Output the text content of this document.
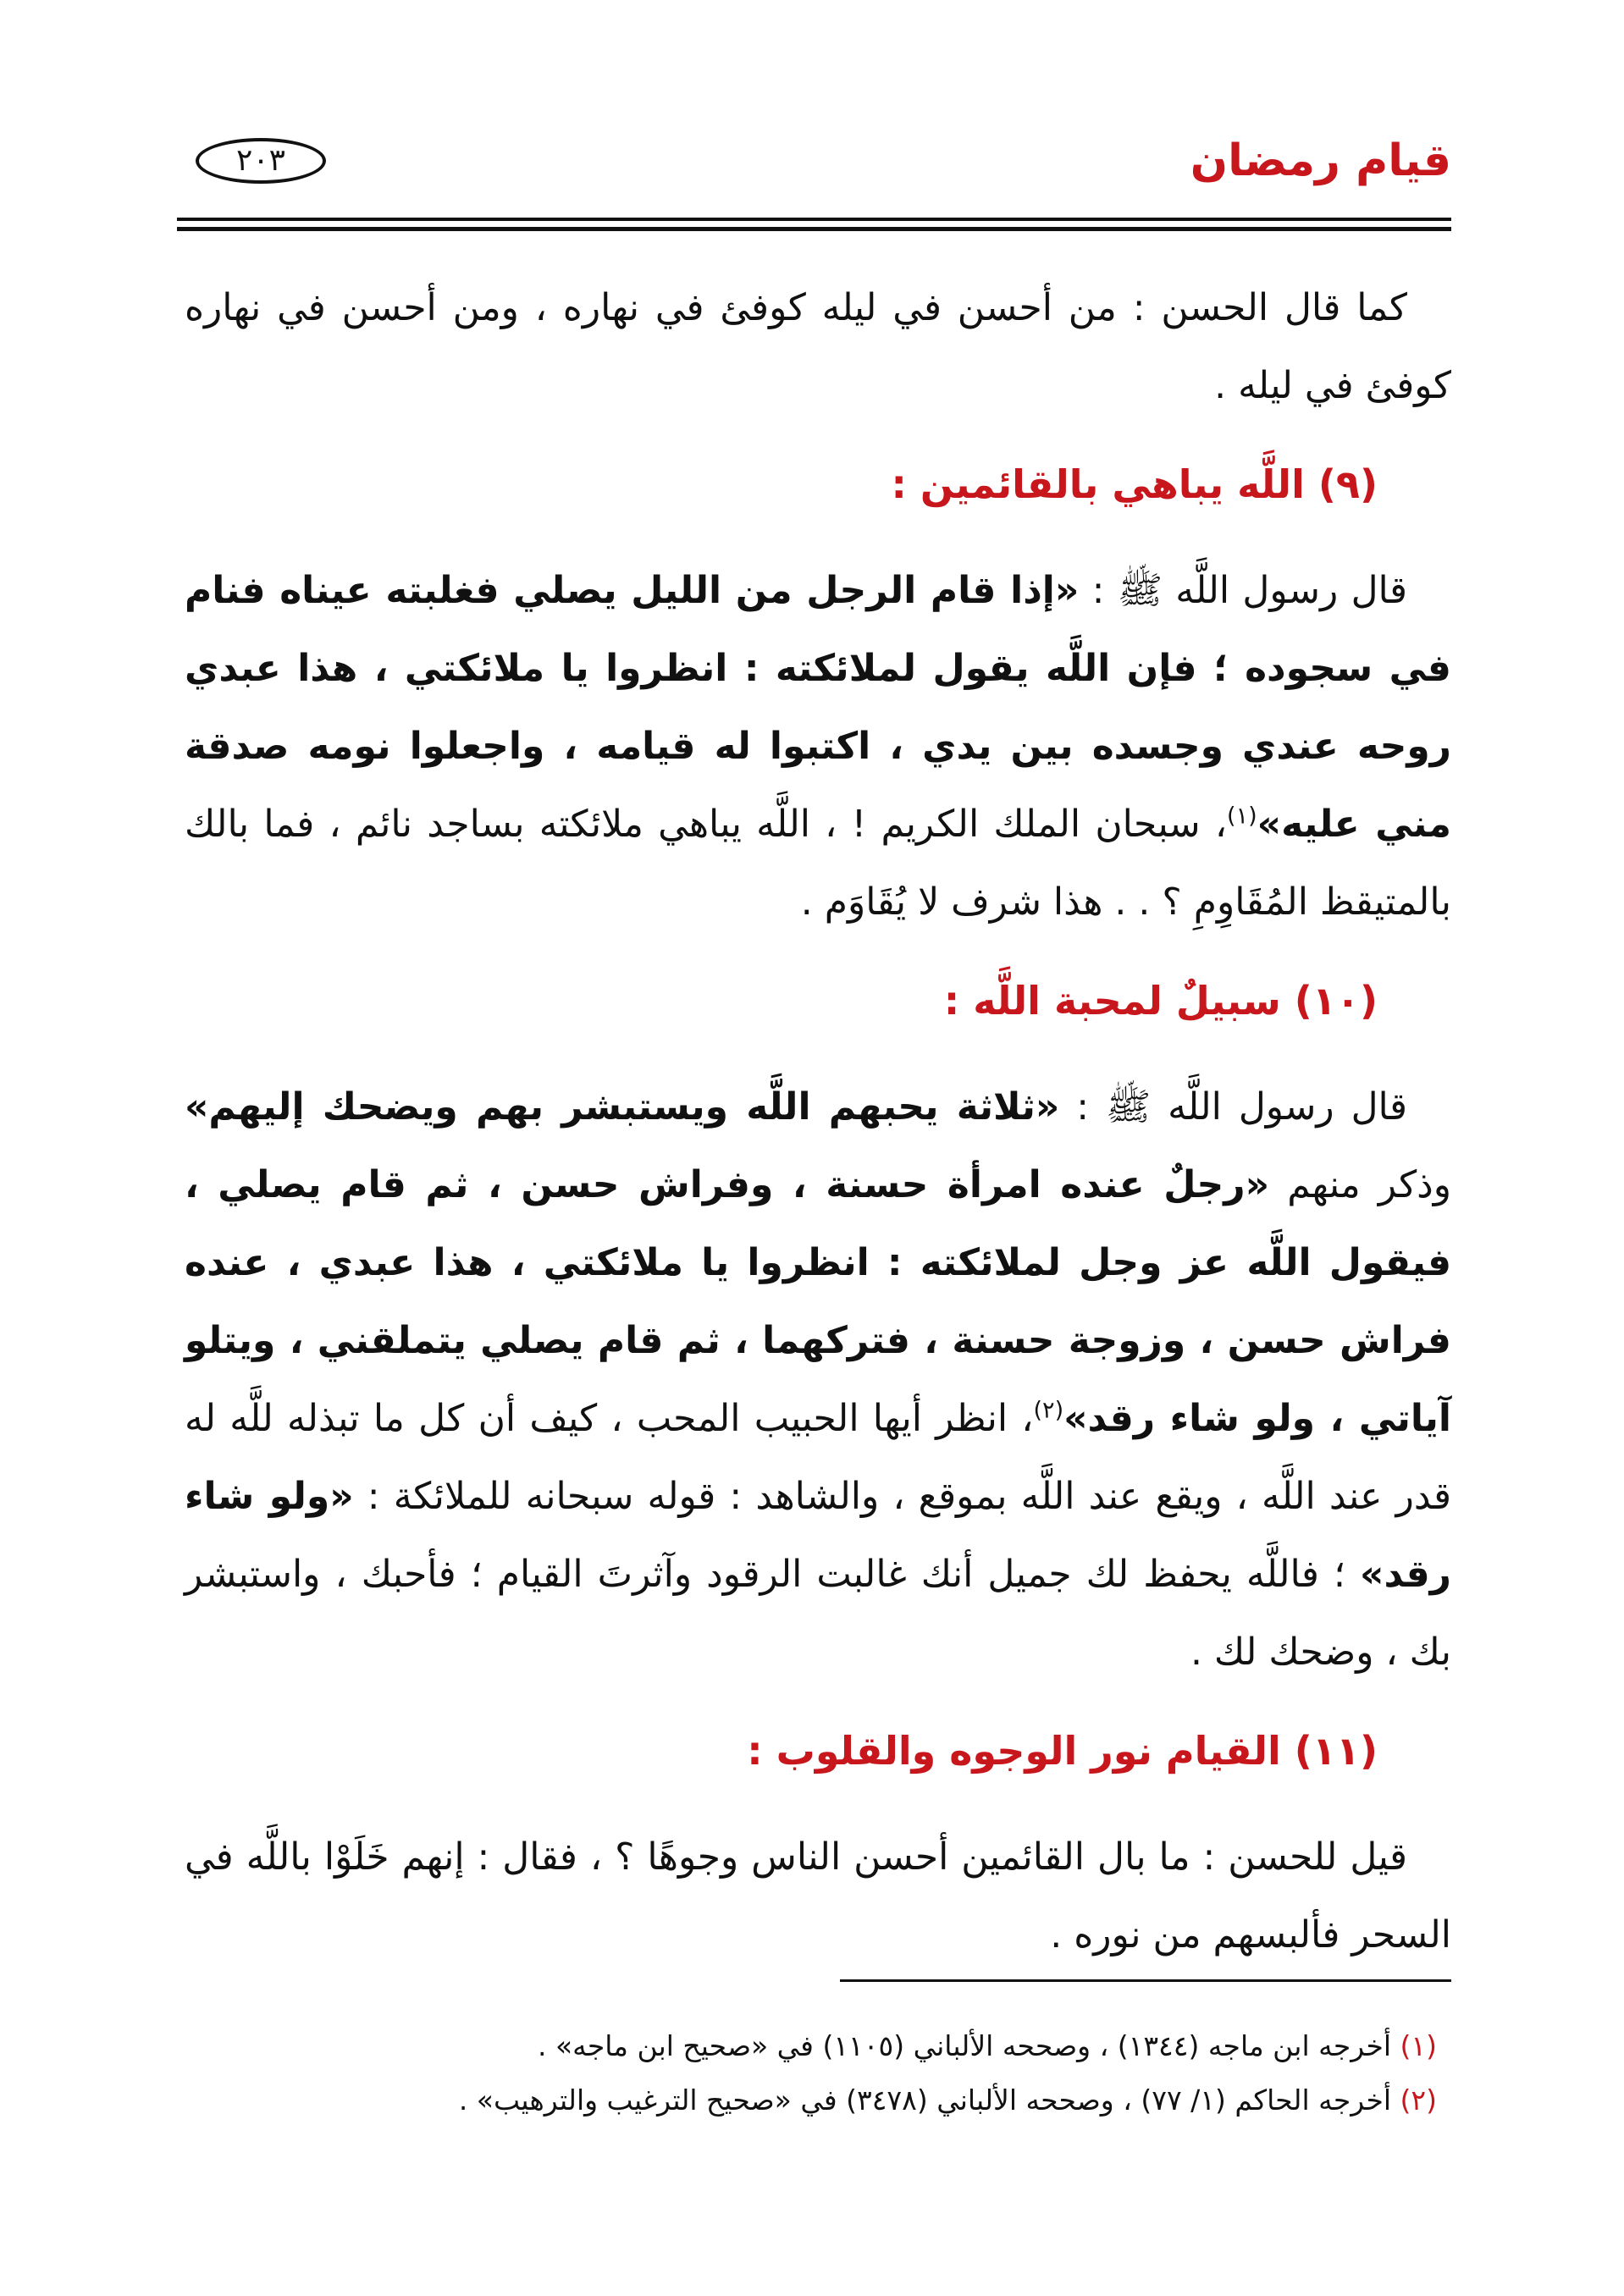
قيام رمضان
٢٠٣

كما قال الحسن : من أحسن في ليله كوفئ في نهاره ، ومن أحسن في نهاره كوفئ في ليله .

(٩) اللَّه يباهي بالقائمين :

قال رسول اللَّه ﷺ : «إذا قام الرجل من الليل يصلي فغلبته عيناه فنام في سجوده ؛ فإن اللَّه يقول لملائكته : انظروا يا ملائكتي ، هذا عبدي روحه عندي وجسده بين يدي ، اكتبوا له قيامه ، واجعلوا نومه صدقة مني عليه»$^{(١)}$، سبحان الملك الكريم ! ، اللَّه يباهي ملائكته بساجد نائم ، فما بالك بالمتيقظ المُقَاوِمِ ؟ . . هذا شرف لا يُقَاوَم .

(١٠) سبيلٌ لمحبة اللَّه :

قال رسول اللَّه ﷺ : «ثلاثة يحبهم اللَّه ويستبشر بهم ويضحك إليهم» وذكر منهم «رجلٌ عنده امرأة حسنة ، وفراش حسن ، ثم قام يصلي ، فيقول اللَّه عز وجل لملائكته : انظروا يا ملائكتي ، هذا عبدي ، عنده فراش حسن ، وزوجة حسنة ، فتركهما ، ثم قام يصلي يتملقني ، ويتلو آياتي ، ولو شاء رقد»$^{(٢)}$، انظر أيها الحبيب المحب ، كيف أن كل ما تبذله للَّه له قدر عند اللَّه ، ويقع عند اللَّه بموقع ، والشاهد : قوله سبحانه للملائكة : «ولو شاء رقد» ؛ فاللَّه يحفظ لك جميل أنك غالبت الرقود وآثرتَ القيام ؛ فأحبك ، واستبشر بك ، وضحك لك .

(١١) القيام نور الوجوه والقلوب :

قيل للحسن : ما بال القائمين أحسن الناس وجوهًا ؟ ، فقال : إنهم خَلَوْا باللَّه في السحر فألبسهم من نوره .

(١) أخرجه ابن ماجه (١٣٤٤) ، وصححه الألباني (١١٠٥) في «صحيح ابن ماجه» .
(٢) أخرجه الحاكم (١/ ٧٧) ، وصححه الألباني (٣٤٧٨) في «صحيح الترغيب والترهيب» .
